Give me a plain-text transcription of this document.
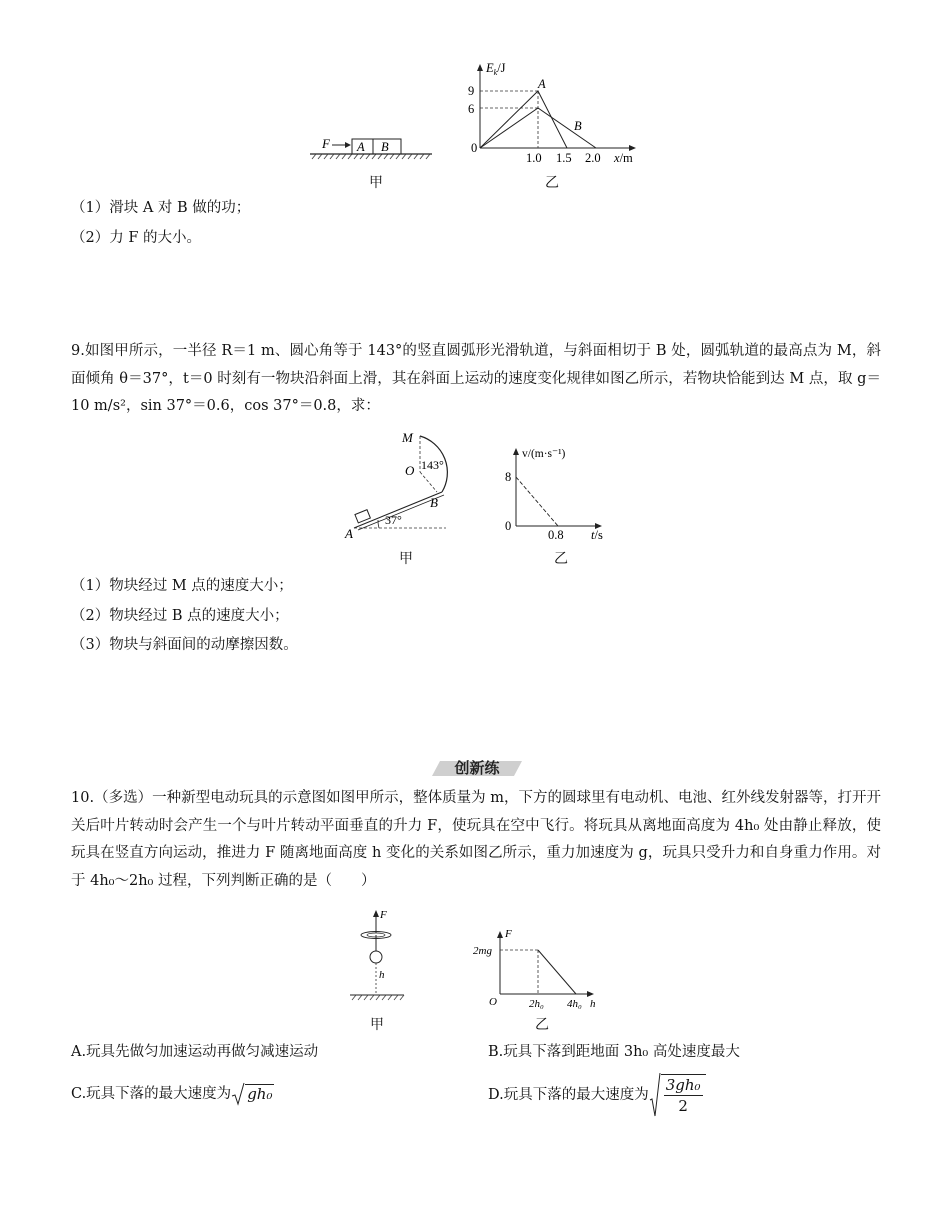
F A B
甲
$E_k/J$
9
6
0
1.0 1.5 2.0 x/m
A
B
乙
（1）滑块 A 对 B 做的功；
（2）力 F 的大小。
9.如图甲所示，一半径 R＝1 m、圆心角等于 143°的竖直圆弧形光滑轨道，与斜面相切于 B 处，圆弧轨道的最高点为 M，斜面倾角 θ＝37°，t＝0 时刻有一物块沿斜面上滑，其在斜面上运动的速度变化规律如图乙所示，若物块恰能到达 M 点，取 g＝10 m/s²，sin 37°＝0.6，cos 37°＝0.8，求：
M
O 143°
B
37°
A
甲
v/(m·s⁻¹)
8
0
0.8 t/s
乙
（1）物块经过 M 点的速度大小；
（2）物块经过 B 点的速度大小；
（3）物块与斜面间的动摩擦因数。
创新练
10.（多选）一种新型电动玩具的示意图如图甲所示，整体质量为 m，下方的圆球里有电动机、电池、红外线发射器等，打开开关后叶片转动时会产生一个与叶片转动平面垂直的升力 F，使玩具在空中飞行。将玩具从离地面高度为 4h₀ 处由静止释放，使玩具在竖直方向运动，推进力 F 随离地面高度 h 变化的关系如图乙所示，重力加速度为 g，玩具只受升力和自身重力作用。对于 4h₀～2h₀ 过程，下列判断正确的是（　　）
F
h
甲
F
2mg
O	2h₀ 4h₀ h
乙
A.玩具先做匀加速运动再做匀减速运动	B.玩具下落到距地面 3h₀ 高处速度最大
C.玩具下落的最大速度为 gh₀	D.玩具下落的最大速度为 $\frac{\text{3gh₀}}{2}$
